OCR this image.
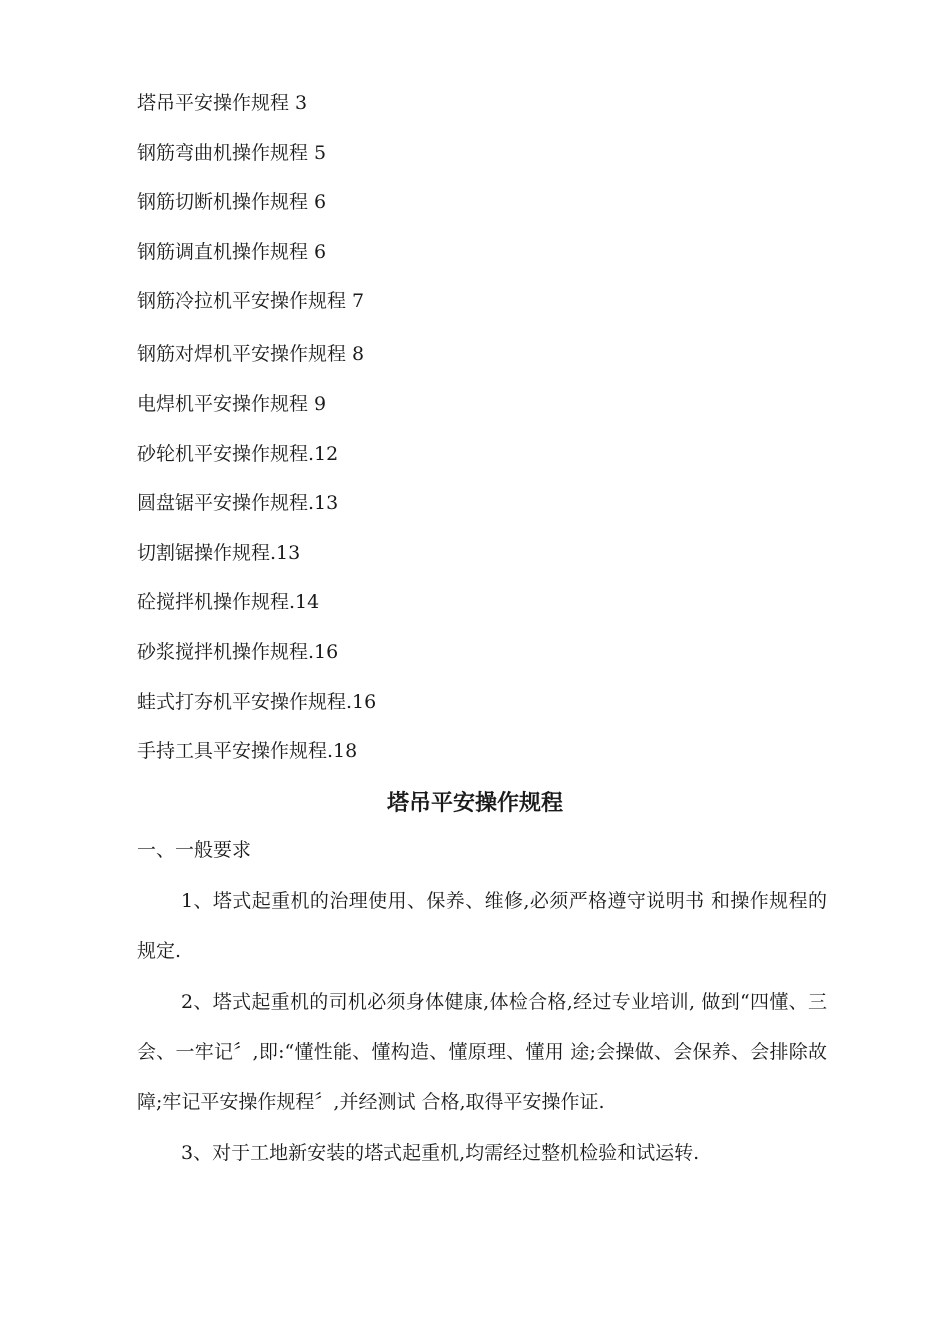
塔吊平安操作规程 3
钢筋弯曲机操作规程 5
钢筋切断机操作规程 6
钢筋调直机操作规程 6
钢筋冷拉机平安操作规程 7
钢筋对焊机平安操作规程 8
电焊机平安操作规程 9
砂轮机平安操作规程.12
圆盘锯平安操作规程.13
切割锯操作规程.13
砼搅拌机操作规程.14
砂浆搅拌机操作规程.16
蛙式打夯机平安操作规程.16
手持工具平安操作规程.18
塔吊平安操作规程

一、一般要求

1、塔式起重机的治理使用、保养、维修,必须严格遵守说明书 和操作规程的规定.

2、塔式起重机的司机必须身体健康,体检合格,经过专业培训, 做到“四懂、三会、一牢记〞,即:“懂性能、懂构造、懂原理、懂用 途;会操做、会保养、会排除故障;牢记平安操作规程〞,并经测试 合格,取得平安操作证.

3、对于工地新安装的塔式起重机,均需经过整机检验和试运转.
